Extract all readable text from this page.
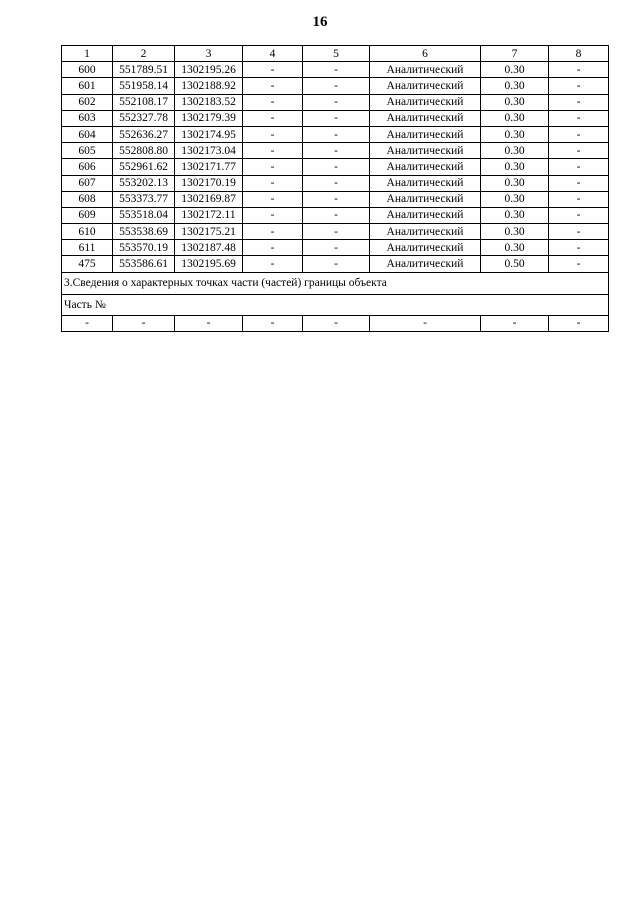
16
1	2	3	4	5	6	7	8
600	551789.51	1302195.26	-	-	Аналитический	0.30	-
601	551958.14	1302188.92	-	-	Аналитический	0.30	-
602	552108.17	1302183.52	-	-	Аналитический	0.30	-
603	552327.78	1302179.39	-	-	Аналитический	0.30	-
604	552636.27	1302174.95	-	-	Аналитический	0.30	-
605	552808.80	1302173.04	-	-	Аналитический	0.30	-
606	552961.62	1302171.77	-	-	Аналитический	0.30	-
607	553202.13	1302170.19	-	-	Аналитический	0.30	-
608	553373.77	1302169.87	-	-	Аналитический	0.30	-
609	553518.04	1302172.11	-	-	Аналитический	0.30	-
610	553538.69	1302175.21	-	-	Аналитический	0.30	-
611	553570.19	1302187.48	-	-	Аналитический	0.30	-
475	553586.61	1302195.69	-	-	Аналитический	0.50	-
3.Сведения о характерных точках части (частей) границы объекта							
Часть №							
-	-	-	-	-	-	-	-
